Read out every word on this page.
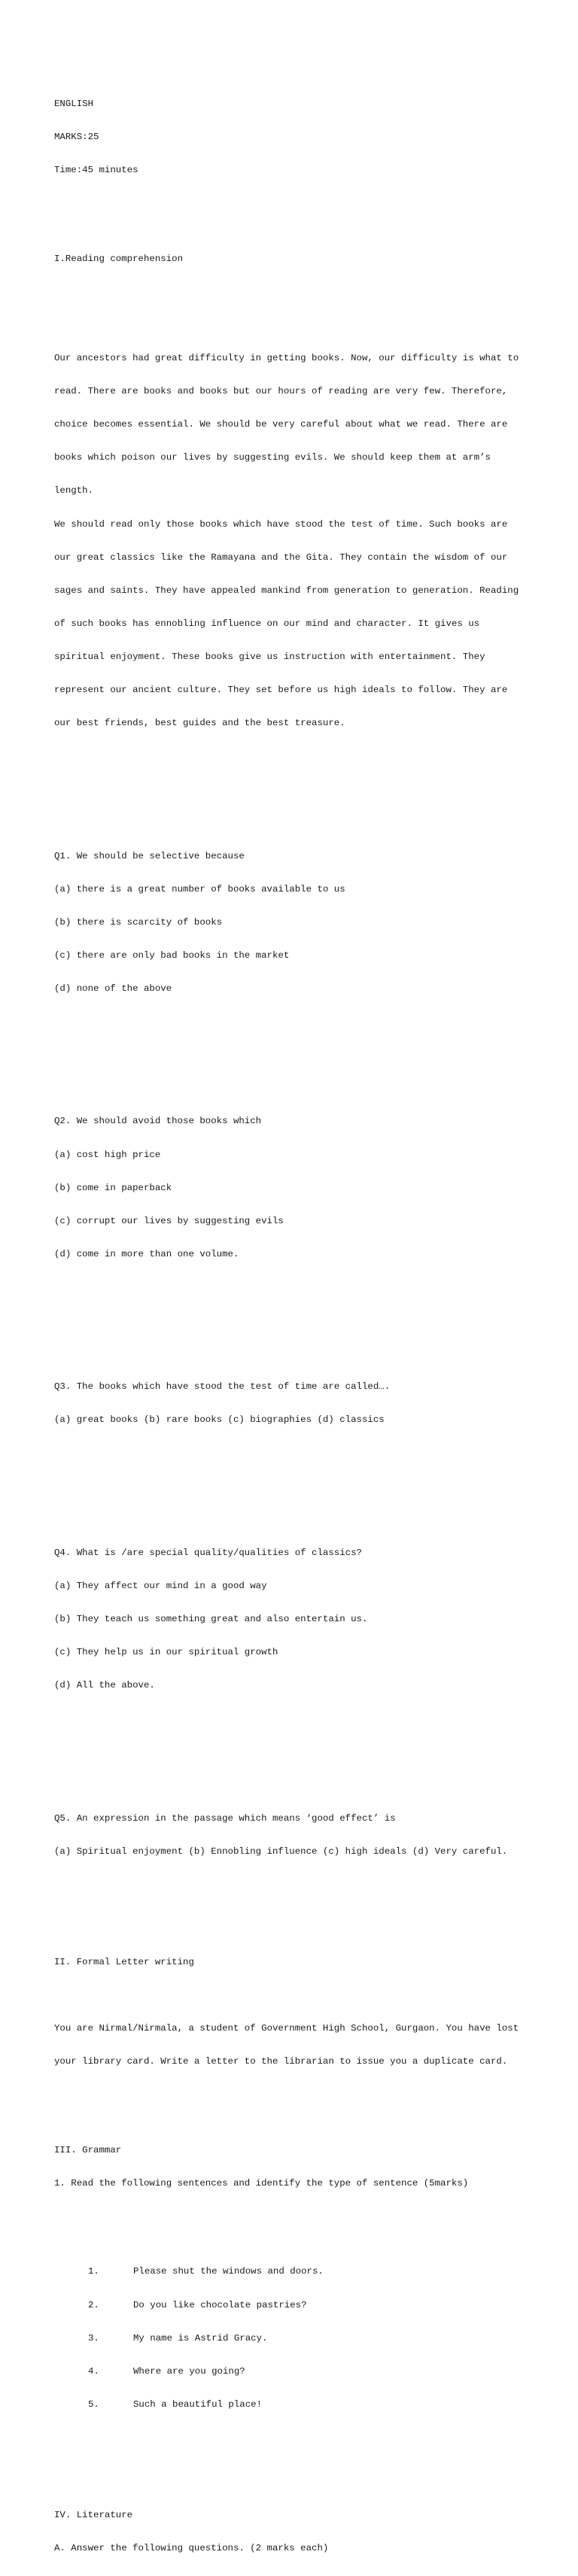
ENGLISH

MARKS:25

Time:45 minutes

I.Reading comprehension

Our ancestors had great difficulty in getting books. Now, our difficulty is what to

read. There are books and books but our hours of reading are very few. Therefore,

choice becomes essential. We should be very careful about what we read. There are

books which poison our lives by suggesting evils. We should keep them at arm’s

length.

We should read only those books which have stood the test of time. Such books are

our great classics like the Ramayana and the Gita. They contain the wisdom of our

sages and saints. They have appealed mankind from generation to generation. Reading

of such books has ennobling influence on our mind and character. It gives us

spiritual enjoyment. These books give us instruction with entertainment. They

represent our ancient culture. They set before us high ideals to follow. They are

our best friends, best guides and the best treasure.

Q1. We should be selective because

(a) there is a great number of books available to us

(b) there is scarcity of books

(c) there are only bad books in the market

(d) none of the above

Q2. We should avoid those books which

(a) cost high price

(b) come in paperback

(c) corrupt our lives by suggesting evils

(d) come in more than one volume.

Q3. The books which have stood the test of time are called….

(a) great books (b) rare books (c) biographies (d) classics

Q4. What is /are special quality/qualities of classics?

(a) They affect our mind in a good way

(b) They teach us something great and also entertain us.

(c) They help us in our spiritual growth

(d) All the above.

Q5. An expression in the passage which means ‘good effect’ is

(a) Spiritual enjoyment (b) Ennobling influence (c) high ideals (d) Very careful.

II. Formal Letter writing

You are Nirmal/Nirmala, a student of Government High School, Gurgaon. You have lost

your library card. Write a letter to the librarian to issue you a duplicate card.

III. Grammar

1. Read the following sentences and identify the type of sentence (5marks)

1.	Please shut the windows and doors.

2.	Do you like chocolate pastries?

3.	My name is Astrid Gracy.

4.	Where are you going?

5.	Such a beautiful place!

IV. Literature

A. Answer the following questions. (2 marks each)
